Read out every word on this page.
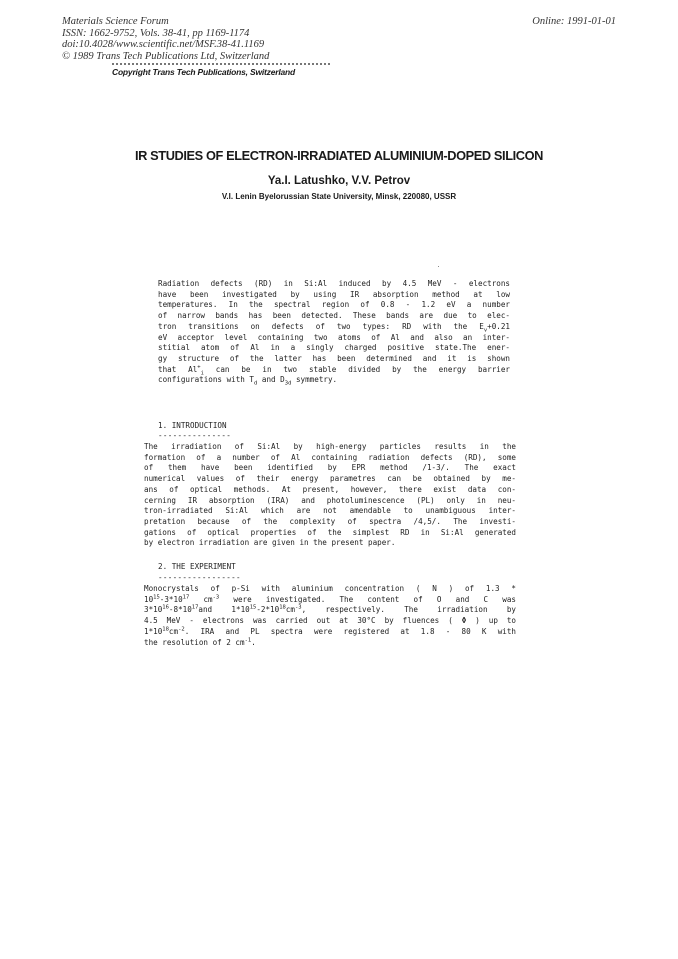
Materials Science Forum
ISSN: 1662-9752, Vols. 38-41, pp 1169-1174
doi:10.4028/www.scientific.net/MSF.38-41.1169
© 1989 Trans Tech Publications Ltd, Switzerland
Online: 1991-01-01
Copyright Trans Tech Publications, Switzerland
IR STUDIES OF ELECTRON-IRRADIATED ALUMINIUM-DOPED SILICON
Ya.I. Latushko, V.V. Petrov
V.I. Lenin Byelorussian State University, Minsk, 220080, USSR
Radiation defects (RD) in Si:Al induced by 4.5 MeV - electrons
have been investigated by using IR absorption method at low
temperatures. In the spectral region of 0.8 - 1.2 eV a number
of narrow bands has been detected. These bands are due to elec-
tron transitions on defects of two types: RD with the $E_v+0.21$
eV acceptor level containing two atoms of Al and also an inter-
stitial atom of Al in a singly charged positive state.The ener-
gy structure of the latter has been determined and it is shown
that $Al^+_i$ can be in two stable divided by the energy barrier
configurations with $T_d$ and $D_{3d}$ symmetry.
1. INTRODUCTION
---------------
The irradiation of Si:Al by high-energy particles results in the
formation of a number of Al containing radiation defects (RD), some
of them have been identified by EPR method /1-3/. The exact
numerical values of their energy parametres can be obtained by me-
ans of optical methods. At present, however, there exist data con-
cerning IR absorption (IRA) and photoluminescence (PL) only in neu-
tron-irradiated Si:Al which are not amendable to unambiguous inter-
pretation because of the complexity of spectra /4,5/. The investi-
gations of optical properties of the simplest RD in Si:Al generated
by electron irradiation are given in the present paper.
2. THE EXPERIMENT
-----------------
Monocrystals of p-Si with aluminium concentration ( N ) of 1.3 *
$10^{15}-3*10^{17}$ $cm^{-3}$ were investigated. The content of O and C was
$3*10^{16}-8*10^{17}and$ $1*10^{15}-2*10^{18}cm^{-3}$, respectively. The irradiation by
4.5 MeV - electrons was carried out at 30°C by fluences ( Φ ) up to
$1*10^{18}cm^{-2}$. IRA and PL spectra were registered at 1.8 - 80 K with
the resolution of 2 $cm^{-1}$.
